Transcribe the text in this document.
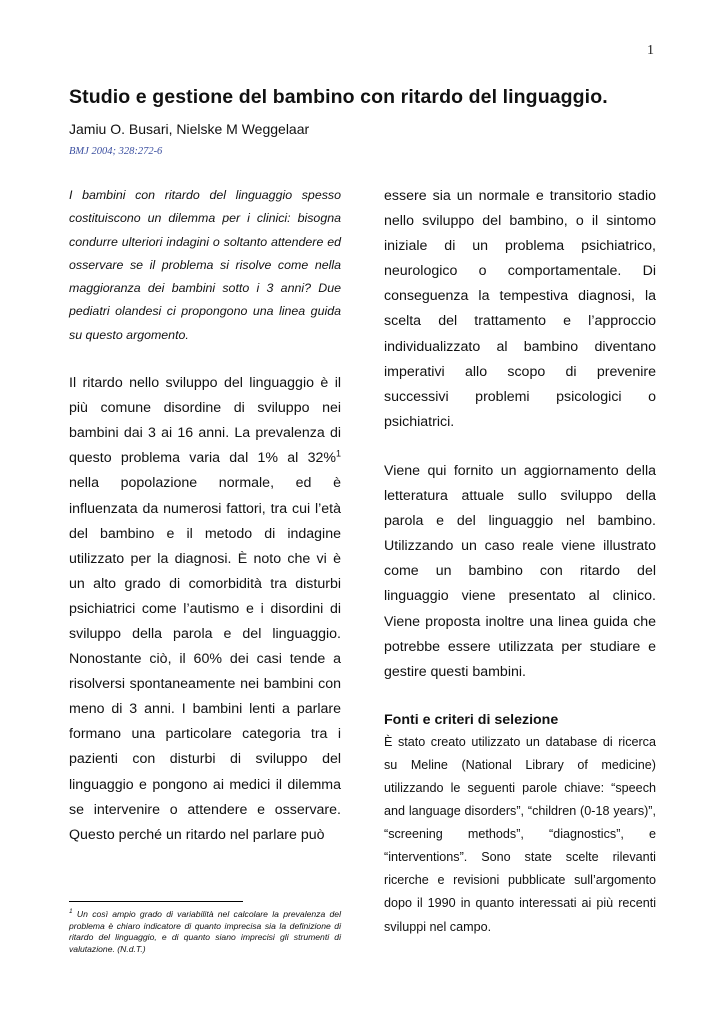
1
Studio e gestione del bambino con ritardo del linguaggio.
Jamiu O. Busari, Nielske M Weggelaar
BMJ 2004; 328:272-6

I bambini con ritardo del linguaggio spesso costituiscono un dilemma per i clinici: bisogna condurre ulteriori indagini o soltanto attendere ed osservare se il problema si risolve come nella maggioranza dei bambini sotto i 3 anni? Due pediatri olandesi ci propongono una linea guida su questo argomento.

Il ritardo nello sviluppo del linguaggio è il più comune disordine di sviluppo nei bambini dai 3 ai 16 anni. La prevalenza di questo problema varia dal 1% al 32%$^1$ nella popolazione normale, ed è influenzata da numerosi fattori, tra cui l’età del bambino e il metodo di indagine utilizzato per la diagnosi. È noto che vi è un alto grado di comorbidità tra disturbi psichiatrici come l’autismo e i disordini di sviluppo della parola e del linguaggio. Nonostante ciò, il 60% dei casi tende a risolversi spontaneamente nei bambini con meno di 3 anni. I bambini lenti a parlare formano una particolare categoria tra i pazienti con disturbi di sviluppo del linguaggio e pongono ai medici il dilemma se intervenire o attendere e osservare. Questo perché un ritardo nel parlare può

essere sia un normale e transitorio stadio nello sviluppo del bambino, o il sintomo iniziale di un problema psichiatrico, neurologico o comportamentale. Di conseguenza la tempestiva diagnosi, la scelta del trattamento e l’approccio individualizzato al bambino diventano imperativi allo scopo di prevenire successivi problemi psicologici o psichiatrici.

Viene qui fornito un aggiornamento della letteratura attuale sullo sviluppo della parola e del linguaggio nel bambino. Utilizzando un caso reale viene illustrato come un bambino con ritardo del linguaggio viene presentato al clinico. Viene proposta inoltre una linea guida che potrebbe essere utilizzata per studiare e gestire questi bambini.

Fonti e criteri di selezione

È stato creato utilizzato un database di ricerca su Meline (National Library of medicine) utilizzando le seguenti parole chiave: “speech and language disorders”, “children (0-18 years)”, “screening methods”, “diagnostics”, e “interventions”. Sono state scelte rilevanti ricerche e revisioni pubblicate sull’argomento dopo il 1990 in quanto interessati ai più recenti sviluppi nel campo.

$^1$ Un così ampio grado di variabilità nel calcolare la prevalenza del problema è chiaro indicatore di quanto imprecisa sia la definizione di ritardo del linguaggio, e di quanto siano imprecisi gli strumenti di valutazione. (N.d.T.)
